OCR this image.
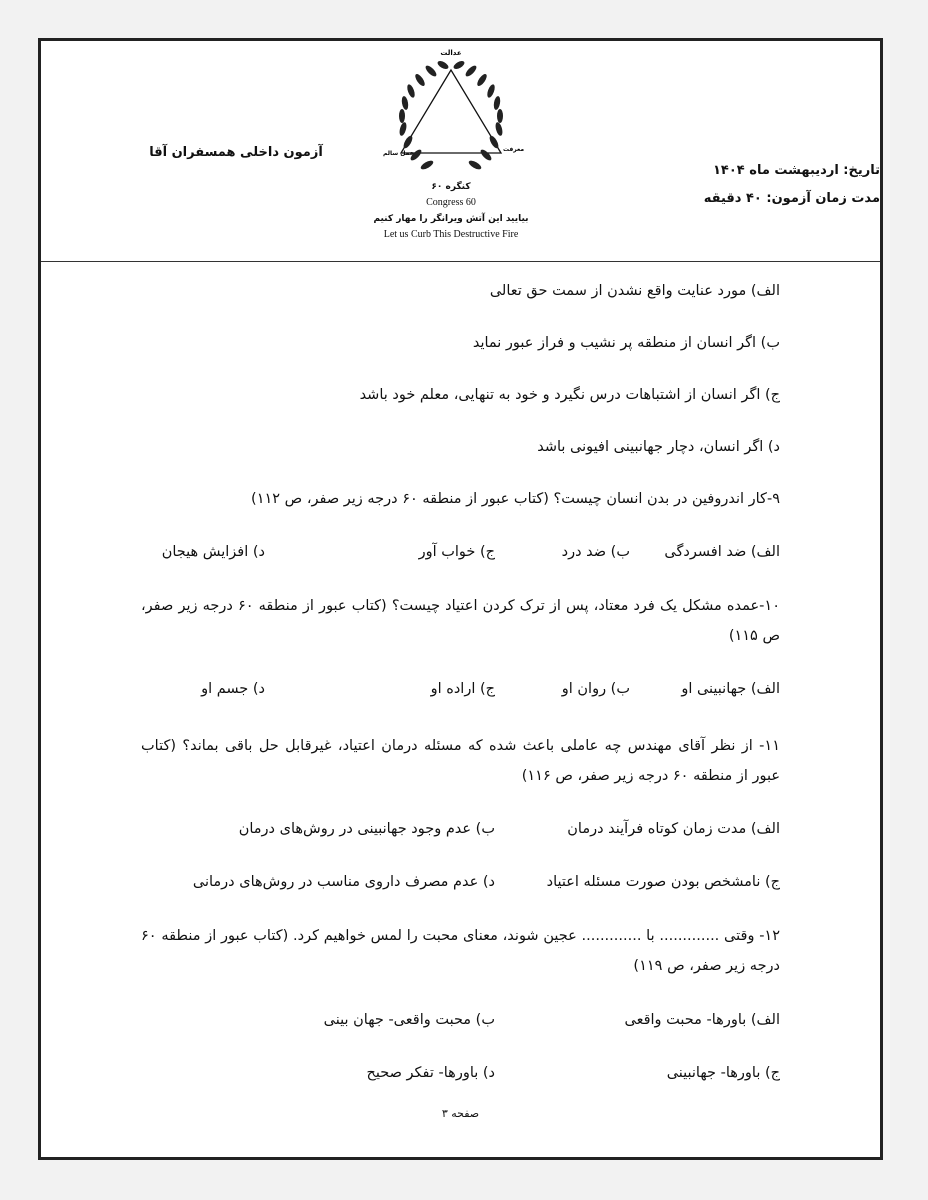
تاریخ: اردیبهشت ماه ۱۴۰۴
مدت زمان آزمون: ۴۰ دقیقه
آزمون داخلی همسفران آقا
عدالت
عمل سالم
معرفت
کنگره ۶۰
Congress 60
بیایید این آتش ویرانگر را مهار کنیم
Let us Curb This Destructive Fire
الف) مورد عنایت واقع نشدن از سمت حق تعالی
ب) اگر انسان از منطقه پر نشیب و فراز عبور نماید
ج) اگر انسان از اشتباهات درس نگیرد و خود به تنهایی، معلم خود باشد
د) اگر انسان، دچار جهانبینی افیونی باشد
۹-کار اندروفین در بدن انسان چیست؟ (کتاب عبور از منطقه ۶۰ درجه زیر صفر، ص ۱۱۲)
الف) ضد افسردگی
ب) ضد درد
ج) خواب آور
د) افزایش هیجان
۱۰-عمده مشکل یک فرد معتاد، پس از ترک کردن اعتیاد چیست؟ (کتاب عبور از منطقه ۶۰ درجه زیر صفر، ص ۱۱۵)
الف) جهانبینی او
ب) روان او
ج) اراده او
د) جسم او
۱۱- از نظر آقای مهندس چه عاملی باعث شده که مسئله درمان اعتیاد، غیرقابل حل باقی بماند؟ (کتاب عبور از منطقه ۶۰ درجه زیر صفر، ص ۱۱۶)
الف) مدت زمان کوتاه فرآیند درمان
ب) عدم وجود جهانبینی در روش‌های درمان
ج) نامشخص بودن صورت مسئله اعتیاد
د) عدم مصرف داروی مناسب در روش‌های درمانی
۱۲- وقتی ............. با ............. عجین شوند، معنای محبت را لمس خواهیم کرد. (کتاب عبور از منطقه ۶۰ درجه زیر صفر، ص ۱۱۹)
الف) باورها- محبت واقعی
ب) محبت واقعی- جهان بینی
ج) باورها- جهانبینی
د) باورها- تفکر صحیح
صفحه ۳
